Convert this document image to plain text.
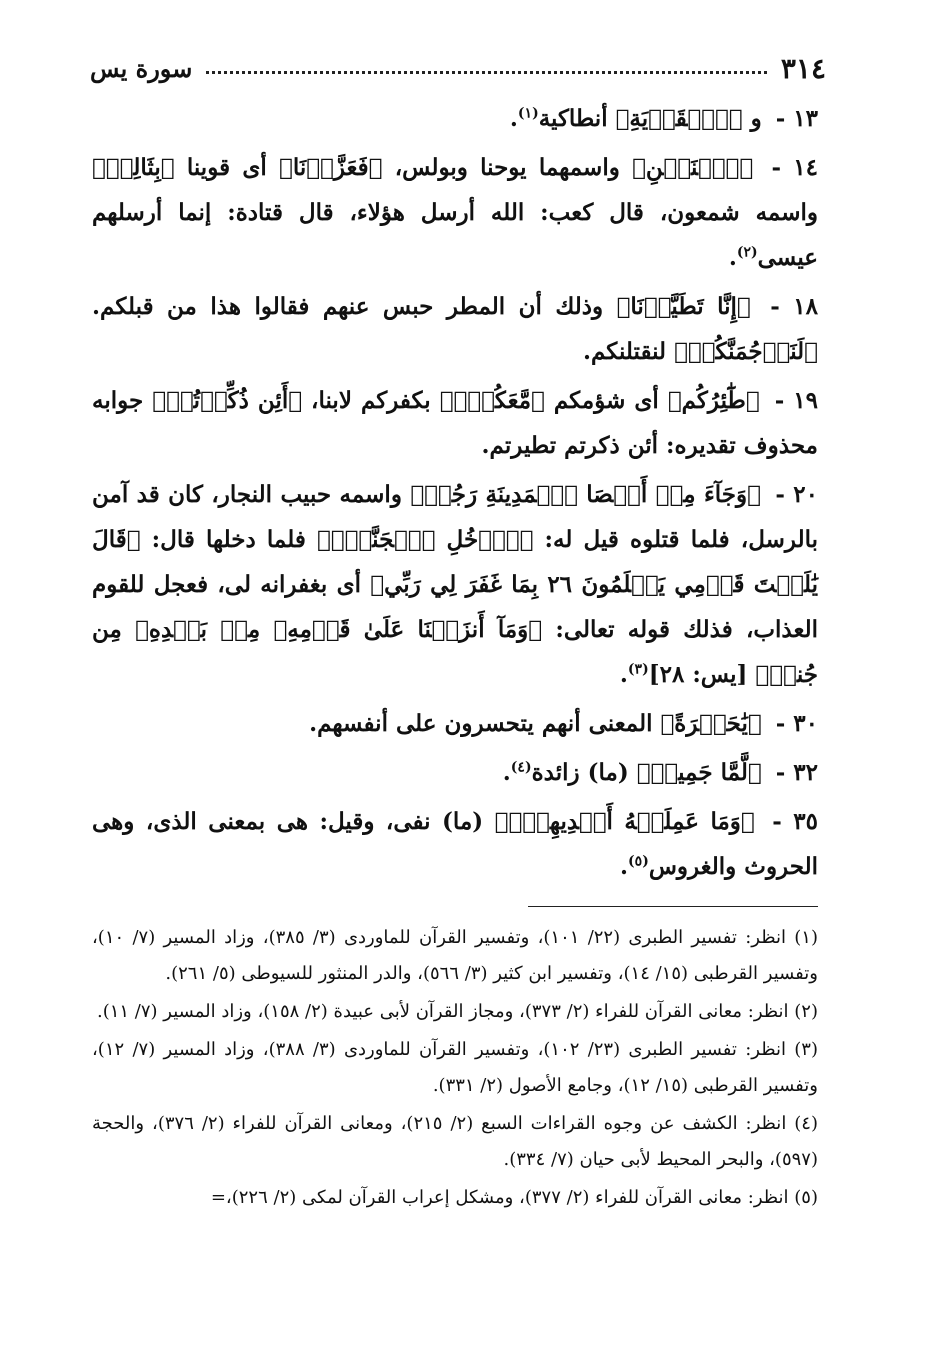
٣١٤
سورة يس

١٣ - و ﴿ٱلۡقَرۡيَةِ﴾ أنطاكية$^{(١)}$.

١٤ - ﴿ٱثۡنَيۡنِ﴾ واسمهما يوحنا وبولس، ﴿فَعَزَّزۡنَا﴾ أى قوينا ﴿بِثَالِثٖ﴾ واسمه شمعون، قال كعب: الله أرسل هؤلاء، قال قتادة: إنما أرسلهم عيسى$^{(٢)}$.

١٨ - ﴿إِنَّا تَطَيَّرۡنَا﴾ وذلك أن المطر حبس عنهم فقالوا هذا من قبلكم. ﴿لَنَرۡجُمَنَّكُمۡ﴾ لنقتلنكم.

١٩ - ﴿طَٰٓئِرُكُم﴾ أى شؤمكم ﴿مَّعَكُمۡۚ﴾ بكفركم لابنا، ﴿أَئِن ذُكِّرۡتُمۚ﴾ جوابه محذوف تقديره: أئن ذكرتم تطيرتم.

٢٠ - ﴿وَجَآءَ مِنۡ أَقۡصَا ٱلۡمَدِينَةِ رَجُلٞ﴾ واسمه حبيب النجار، كان قد آمن بالرسل، فلما قتلوه قيل له: ﴿ٱدۡخُلِ ٱلۡجَنَّةَۖ﴾ فلما دخلها قال: ﴿قَالَ يَٰلَيۡتَ قَوۡمِي يَعۡلَمُونَ ٢٦ بِمَا غَفَرَ لِي رَبِّي﴾ أى بغفرانه لى، فعجل للقوم العذاب، فذلك قوله تعالى: ﴿وَمَآ أَنزَلۡنَا عَلَىٰ قَوۡمِهِۦ مِنۢ بَعۡدِهِۦ مِن جُندٖ﴾ [يس: ٢٨]$^{(٣)}$.

٣٠ - ﴿يَٰحَسۡرَةً﴾ المعنى أنهم يتحسرون على أنفسهم.

٣٢ - ﴿لَّمَّا جَمِيعٞ﴾ (ما) زائدة$^{(٤)}$.

٣٥ - ﴿وَمَا عَمِلَتۡهُ أَيۡدِيهِمۡۚ﴾ (ما) نفى، وقيل: هى بمعنى الذى، وهى الحروث والغروس$^{(٥)}$.

(١) انظر: تفسير الطبرى (٢٢/ ١٠١)، وتفسير القرآن للماوردى (٣/ ٣٨٥)، وزاد المسير (٧/ ١٠)، وتفسير القرطبى (١٥/ ١٤)، وتفسير ابن كثير (٣/ ٥٦٦)، والدر المنثور للسيوطى (٥/ ٢٦١).

(٢) انظر: معانى القرآن للفراء (٢/ ٣٧٣)، ومجاز القرآن لأبى عبيدة (٢/ ١٥٨)، وزاد المسير (٧/ ١١).

(٣) انظر: تفسير الطبرى (٢٣/ ١٠٢)، وتفسير القرآن للماوردى (٣/ ٣٨٨)، وزاد المسير (٧/ ١٢)، وتفسير القرطبى (١٥/ ١٢)، وجامع الأصول (٢/ ٣٣١).

(٤) انظر: الكشف عن وجوه القراءات السبع (٢/ ٢١٥)، ومعانى القرآن للفراء (٢/ ٣٧٦)، والحجة (٥٩٧)، والبحر المحيط لأبى حيان (٧/ ٣٣٤).

(٥) انظر: معانى القرآن للفراء (٢/ ٣٧٧)، ومشكل إعراب القرآن لمكى (٢/ ٢٢٦)،=
